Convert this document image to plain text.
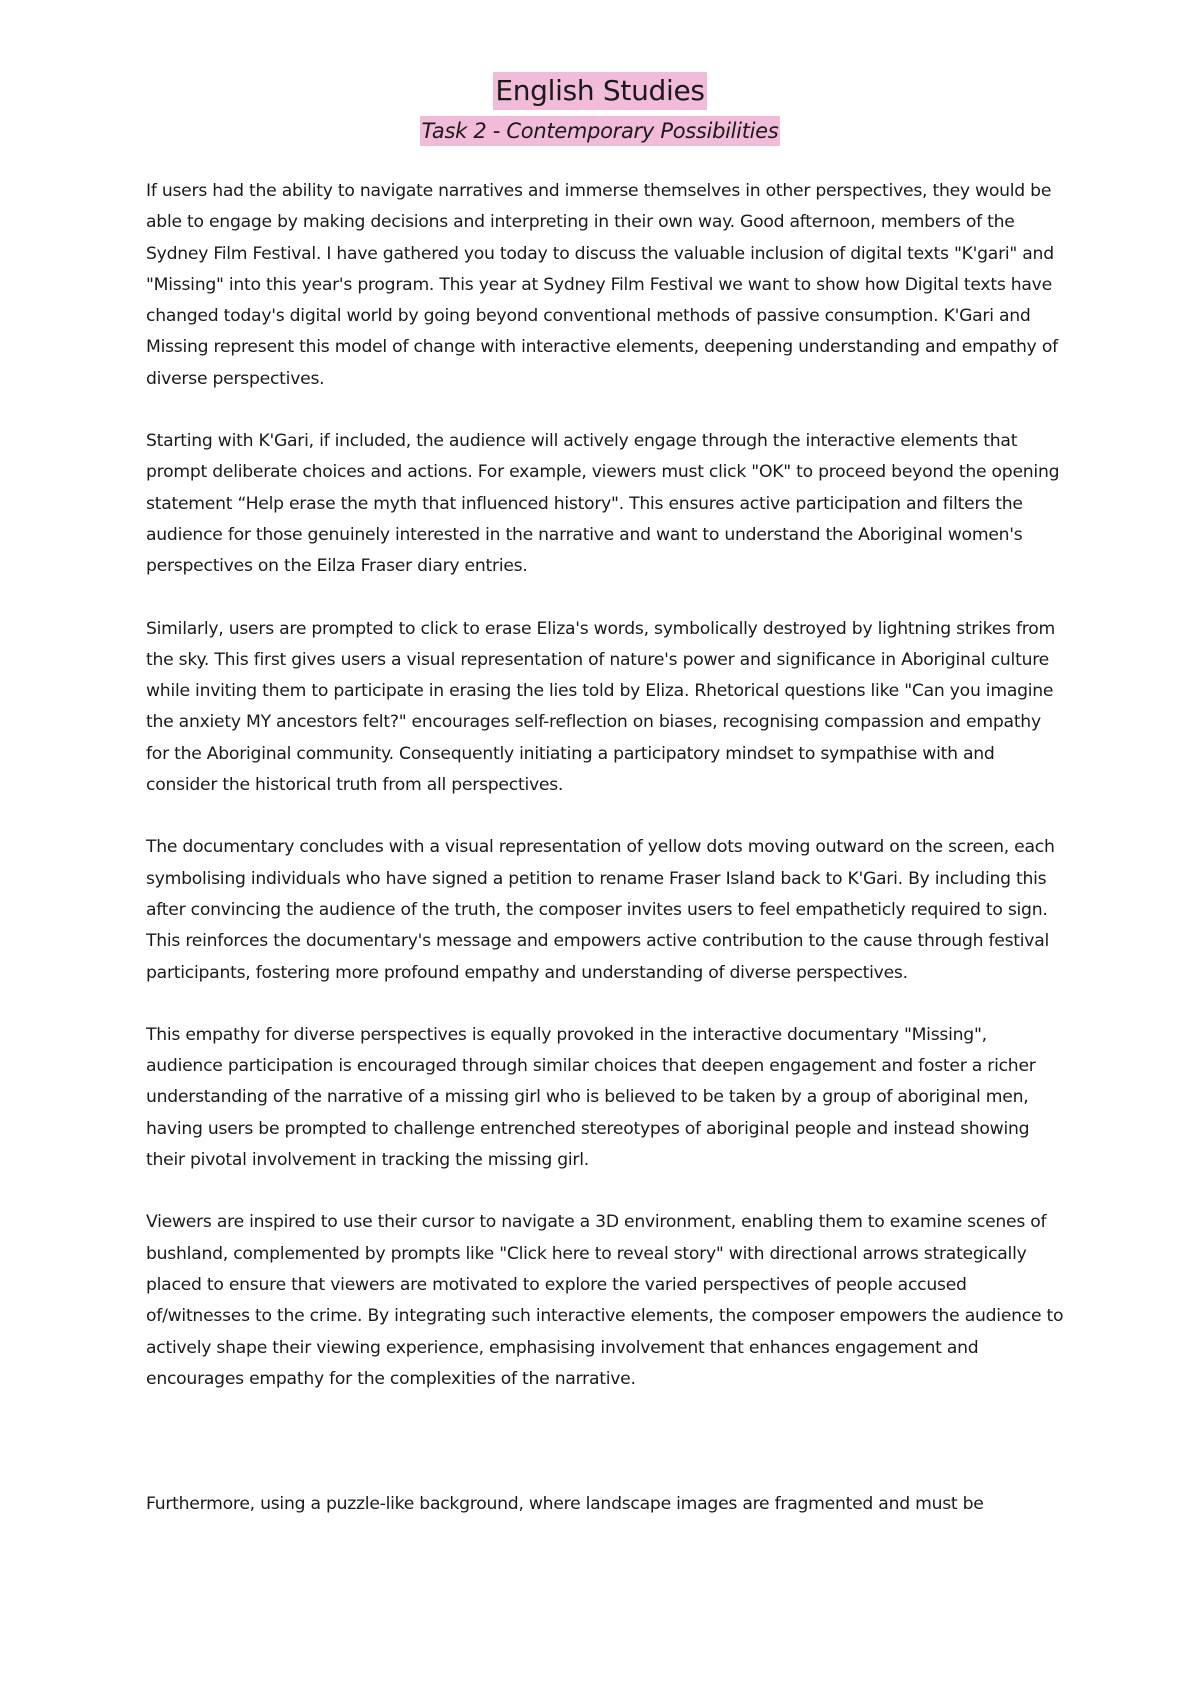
English Studies
Task 2 - Contemporary Possibilities

If users had the ability to navigate narratives and immerse themselves in other perspectives, they would be able to engage by making decisions and interpreting in their own way. Good afternoon, members of the Sydney Film Festival. I have gathered you today to discuss the valuable inclusion of digital texts "K'gari" and "Missing" into this year's program. This year at Sydney Film Festival we want to show how Digital texts have changed today's digital world by going beyond conventional methods of passive consumption. K'Gari and Missing represent this model of change with interactive elements, deepening understanding and empathy of diverse perspectives.

Starting with K'Gari, if included, the audience will actively engage through the interactive elements that prompt deliberate choices and actions. For example, viewers must click "OK" to proceed beyond the opening statement “Help erase the myth that influenced history". This ensures active participation and filters the audience for those genuinely interested in the narrative and want to understand the Aboriginal women's perspectives on the Eilza Fraser diary entries.

Similarly, users are prompted to click to erase Eliza's words, symbolically destroyed by lightning strikes from the sky. This first gives users a visual representation of nature's power and significance in Aboriginal culture while inviting them to participate in erasing the lies told by Eliza. Rhetorical questions like "Can you imagine the anxiety MY ancestors felt?" encourages self-reflection on biases, recognising compassion and empathy for the Aboriginal community. Consequently initiating a participatory mindset to sympathise with and consider the historical truth from all perspectives.

The documentary concludes with a visual representation of yellow dots moving outward on the screen, each symbolising individuals who have signed a petition to rename Fraser Island back to K'Gari. By including this after convincing the audience of the truth, the composer invites users to feel empatheticly required to sign. This reinforces the documentary's message and empowers active contribution to the cause through festival participants, fostering more profound empathy and understanding of diverse perspectives.

This empathy for diverse perspectives is equally provoked in the interactive documentary "Missing", audience participation is encouraged through similar choices that deepen engagement and foster a richer understanding of the narrative of a missing girl who is believed to be taken by a group of aboriginal men, having users be prompted to challenge entrenched stereotypes of aboriginal people and instead showing their pivotal involvement in tracking the missing girl.

Viewers are inspired to use their cursor to navigate a 3D environment, enabling them to examine scenes of bushland, complemented by prompts like "Click here to reveal story" with directional arrows strategically placed to ensure that viewers are motivated to explore the varied perspectives of people accused of/witnesses to the crime. By integrating such interactive elements, the composer empowers the audience to actively shape their viewing experience, emphasising involvement that enhances engagement and encourages empathy for the complexities of the narrative.

Furthermore, using a puzzle-like background, where landscape images are fragmented and must be
